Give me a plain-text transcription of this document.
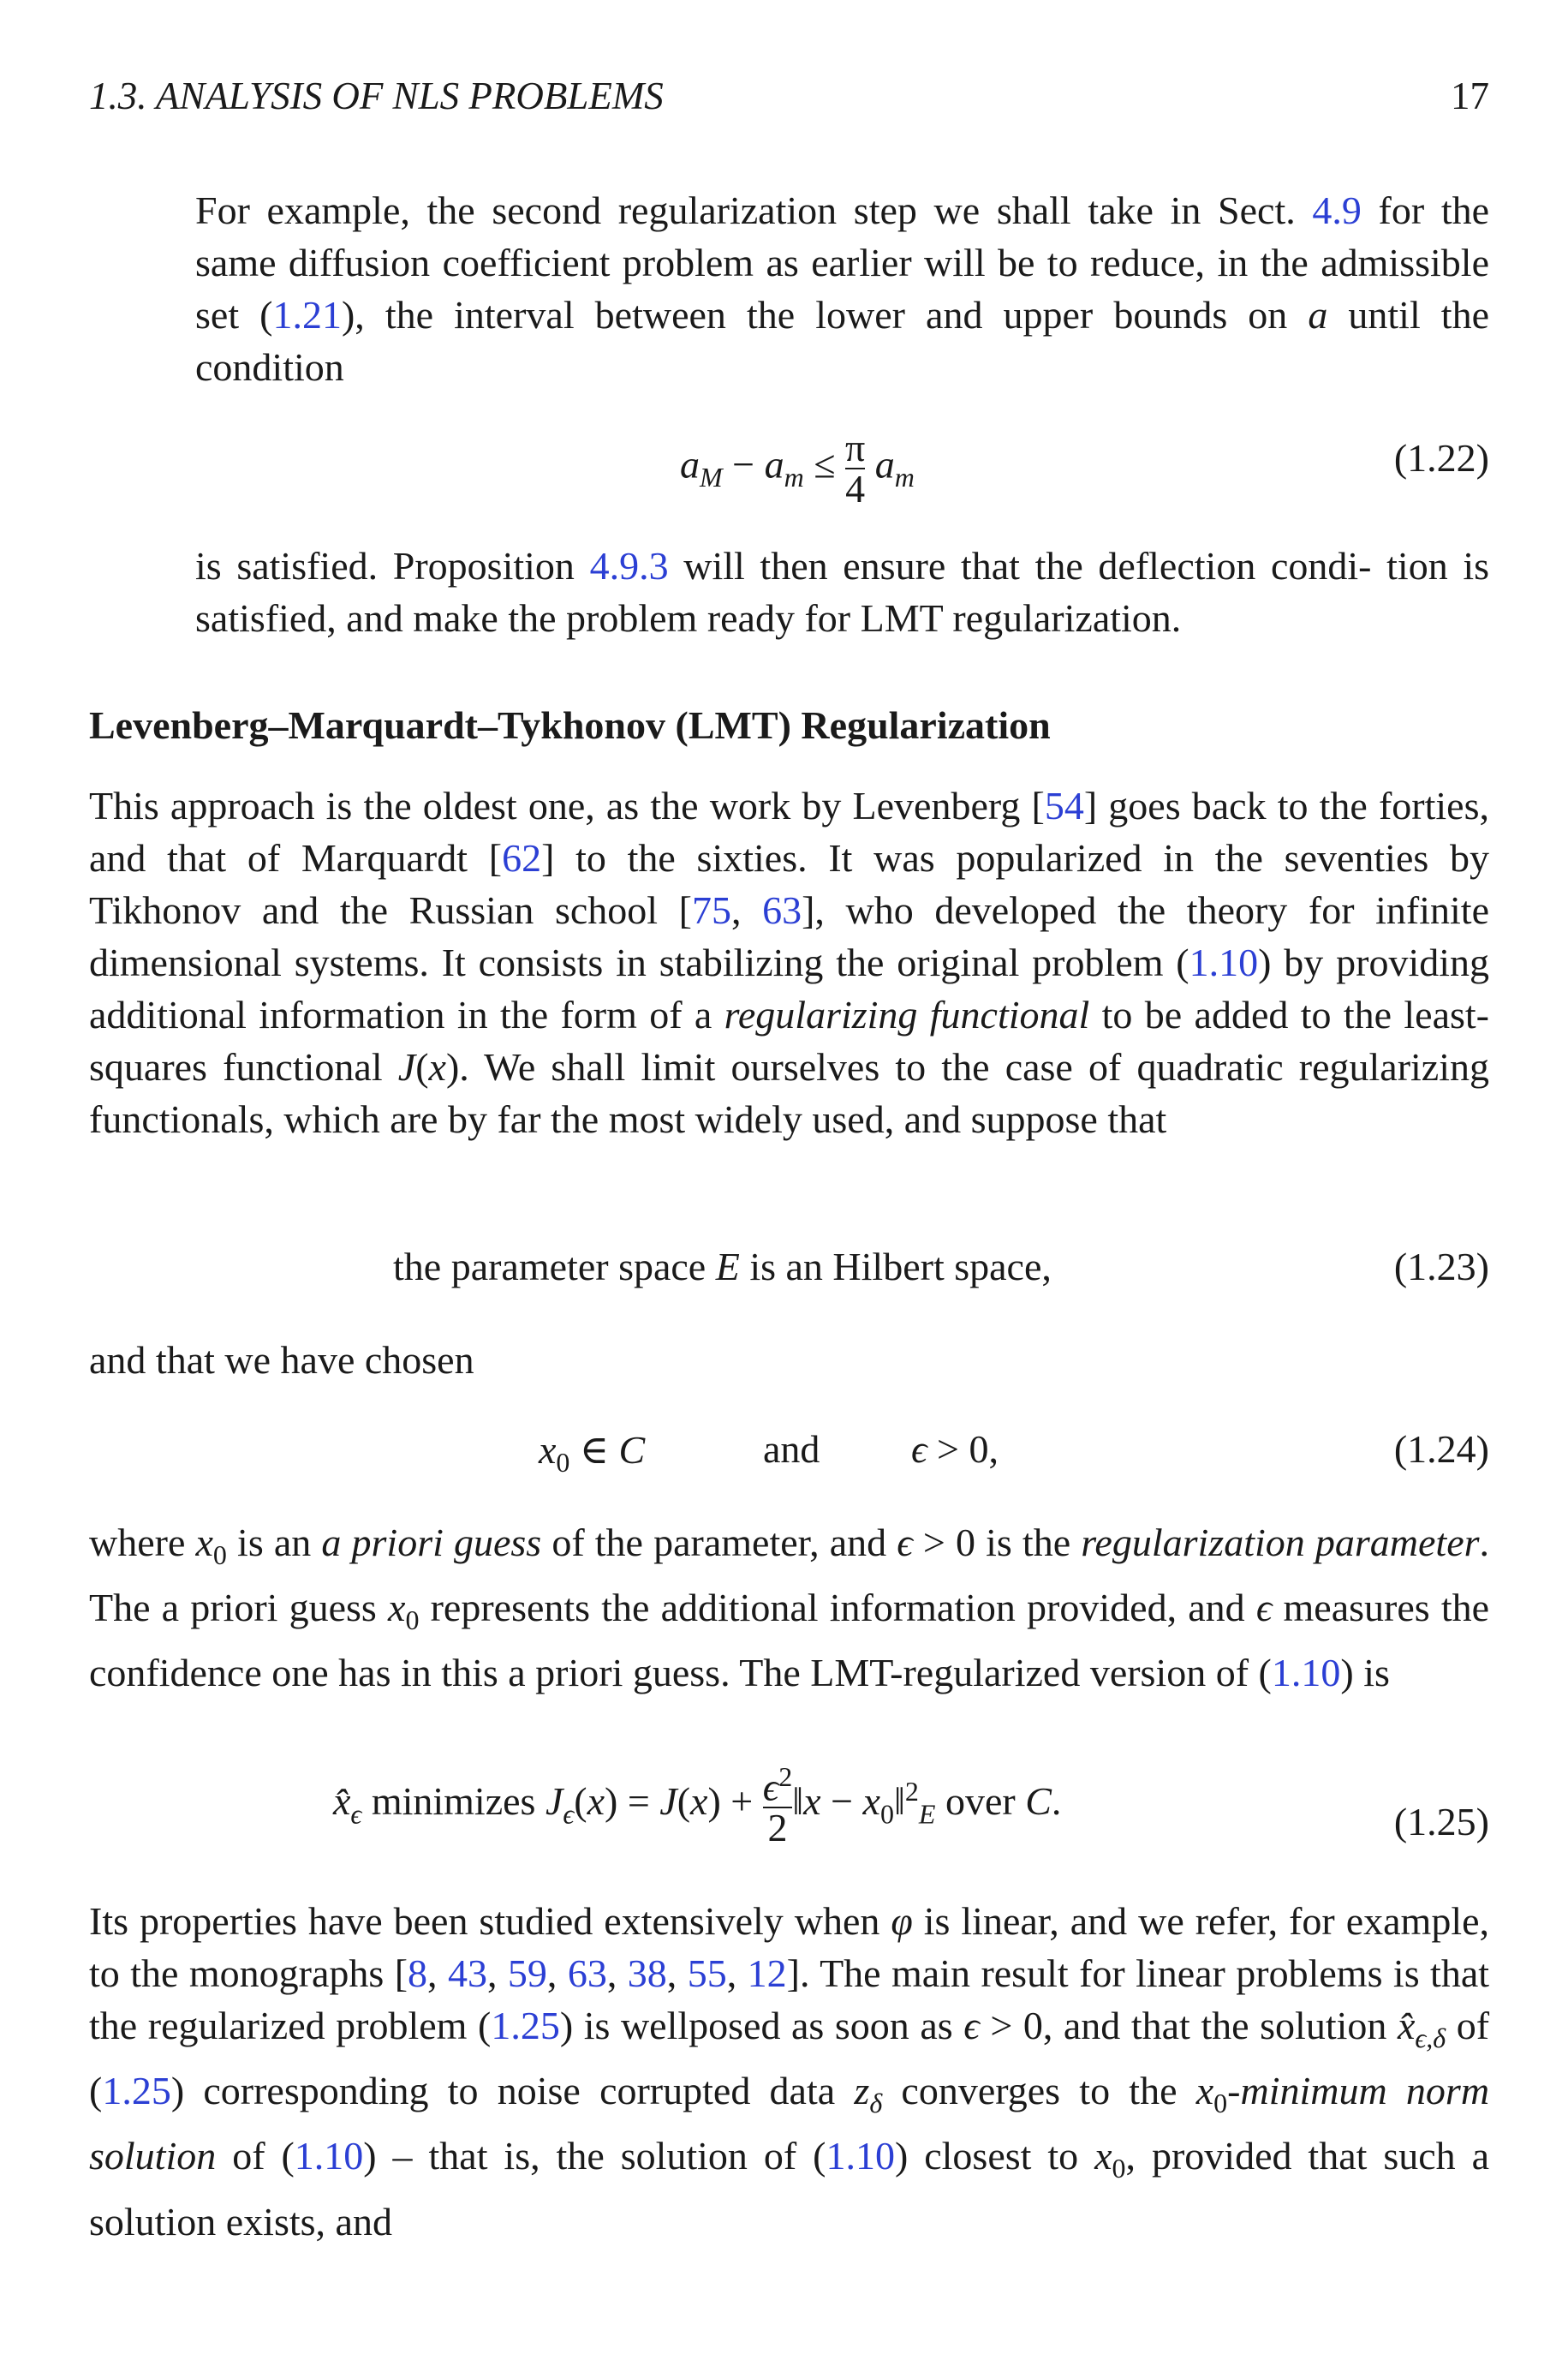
1.3. ANALYSIS OF NLS PROBLEMS	17

For example, the second regularization step we shall take in Sect. 4.9 for the same diffusion coefficient problem as earlier will be to reduce, in the admissible set (1.21), the interval between the lower and upper bounds on a until the condition

$a_M - a_m \le \frac{\pi}{4} a_m$	(1.22)

is satisfied. Proposition 4.9.3 will then ensure that the deflection condi- tion is satisfied, and make the problem ready for LMT regularization.

Levenberg–Marquardt–Tykhonov (LMT) Regularization

This approach is the oldest one, as the work by Levenberg [54] goes back to the forties, and that of Marquardt [62] to the sixties. It was popularized in the seventies by Tikhonov and the Russian school [75, 63], who developed the theory for infinite dimensional systems. It consists in stabilizing the original problem (1.10) by providing additional information in the form of a regularizing functional to be added to the least-squares functional J(x). We shall limit ourselves to the case of quadratic regularizing functionals, which are by far the most widely used, and suppose that

the parameter space E is an Hilbert space,	(1.23)
and that we have chosen
$x_0$ ∈ C	and ϵ > 0,	(1.24)

where $x_0$ is an a priori guess of the parameter, and ϵ > 0 is the regularization parameter. The a priori guess $x_0$ represents the additional information provided, and ϵ measures the confidence one has in this a priori guess. The LMT-regularized version of (1.10) is

$x̂_\epsilon$ minimizes $J_\epsilon(x) = J(x) + \frac{\epsilon^2}{2}$ ‖x − $x_0‖^2_E$ over C.	(1.25)

Its properties have been studied extensively when φ is linear, and we refer, for example, to the monographs [8, 43, 59, 63, 38, 55, 12]. The main result for linear problems is that the regularized problem (1.25) is wellposed as soon as ϵ > 0, and that the solution $x̂_{\epsilon,\delta}$ of (1.25) corresponding to noise corrupted data $z_\delta$ converges to the $x_0$-minimum norm solution of (1.10) – that is, the solution of (1.10) closest to $x_0$, provided that such a solution exists, and
